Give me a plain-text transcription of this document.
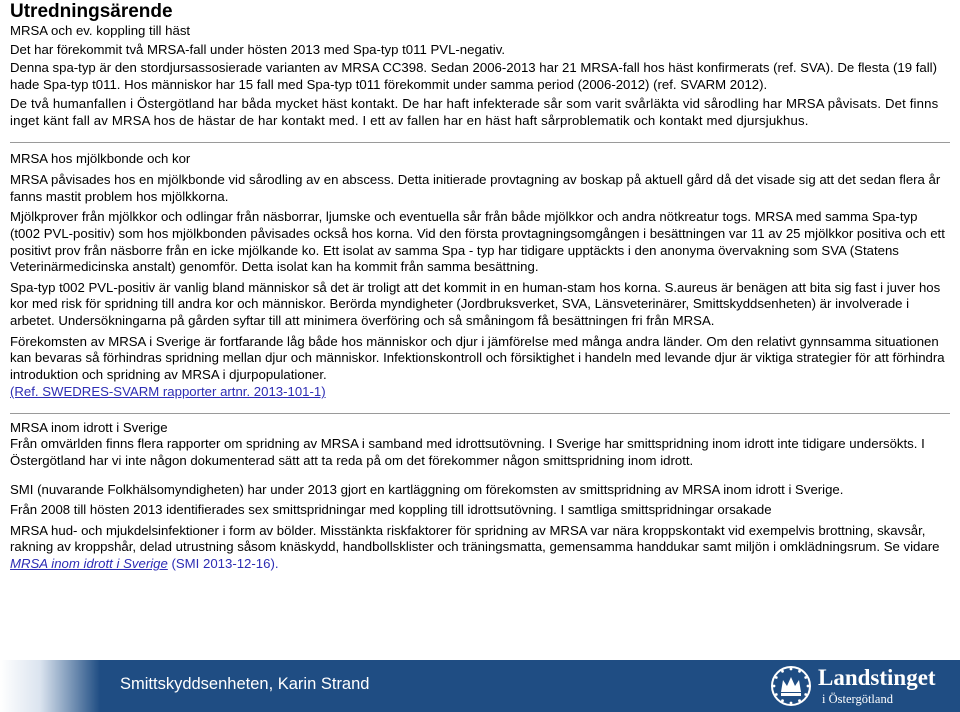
Utredningsärende
MRSA och ev. koppling till häst
Det har förekommit två MRSA-fall under hösten 2013 med Spa-typ t011 PVL-negativ.
Denna spa-typ är den stordjursassosierade varianten av MRSA CC398. Sedan 2006-2013 har 21 MRSA-fall hos häst konfirmerats (ref. SVA). De flesta (19 fall) hade Spa-typ t011. Hos människor har 15 fall med Spa-typ t011 förekommit under samma period (2006-2012) (ref. SVARM 2012).
De två humanfallen i Östergötland har båda mycket häst kontakt. De har haft infekterade sår som varit svårläkta vid sårodling har MRSA påvisats. Det finns inget känt fall av MRSA hos de hästar de har kontakt med. I ett av fallen har en häst haft sårproblematik och kontakt med djursjukhus.
MRSA hos mjölkbonde och kor
MRSA påvisades hos en mjölkbonde vid sårodling av en abscess. Detta initierade provtagning av boskap på aktuell gård då det visade sig att det sedan flera år fanns mastit problem hos mjölkkorna.
Mjölkprover från mjölkkor och odlingar från näsborrar, ljumske och eventuella sår från både mjölkkor och andra nötkreatur togs. MRSA med samma Spa-typ (t002 PVL-positiv) som hos mjölkbonden påvisades också hos korna. Vid den första provtagningsomgången i besättningen var 11 av 25 mjölkkor positiva och ett positivt prov från näsborre från en icke mjölkande ko. Ett isolat av samma Spa - typ har tidigare upptäckts i den anonyma övervakning som SVA (Statens Veterinärmedicinska anstalt) genomför. Detta isolat kan ha kommit från samma besättning.
Spa-typ t002 PVL-positiv är vanlig bland människor så det är troligt att det kommit in en human-stam hos korna. S.aureus är benägen att bita sig fast i juver hos kor med risk för spridning till andra kor och människor. Berörda myndigheter (Jordbruksverket, SVA, Länsveterinärer, Smittskyddsenheten) är involverade i arbetet. Undersökningarna på gården syftar till att minimera överföring och så småningom få besättningen fri från MRSA.
Förekomsten av MRSA i Sverige är fortfarande låg både hos människor och djur i jämförelse med många andra länder. Om den relativt gynnsamma situationen kan bevaras så förhindras spridning mellan djur och människor. Infektionskontroll och försiktighet i handeln med levande djur är viktiga strategier för att förhindra introduktion och spridning av MRSA i djurpopulationer.
(Ref. SWEDRES-SVARM rapporter artnr. 2013-101-1)
MRSA inom idrott i Sverige
Från omvärlden finns flera rapporter om spridning av MRSA i samband med idrottsutövning. I Sverige har smittspridning inom idrott inte tidigare undersökts. I Östergötland har vi inte någon dokumenterad sätt att ta reda på om det förekommer någon smittspridning inom idrott.
SMI (nuvarande Folkhälsomyndigheten) har under 2013 gjort en kartläggning om förekomsten av smittspridning av MRSA inom idrott i Sverige.
Från 2008 till hösten 2013 identifierades sex smittspridningar med koppling till idrottsutövning. I samtliga smittspridningar orsakade
MRSA hud- och mjukdelsinfektioner i form av bölder. Misstänkta riskfaktorer för spridning av MRSA var nära kroppskontakt vid exempelvis brottning, skavsår, rakning av kroppshår, delad utrustning såsom knäskydd, handbollsklister och träningsmatta, gemensamma handdukar samt miljön i omklädningsrum. Se vidare MRSA inom idrott i Sverige (SMI 2013-12-16).
Smittskyddsenheten, Karin Strand	Landstinget
i Östergötland
